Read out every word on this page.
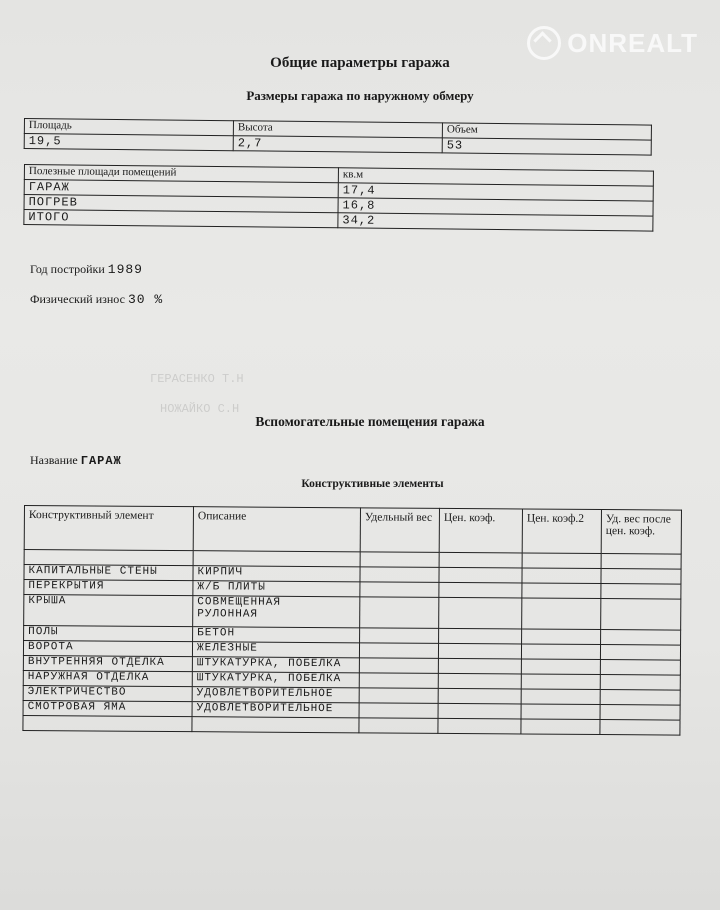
ONREALT
ГЕРАСЕНКО Т.Н
НОЖАЙКО С.Н
Общие параметры гаража
Размеры гаража по наружному обмеру
Площадь	Высота	Объем
19,5	2,7	53
Полезные площади помещений	кв.м
ГАРАЖ	17,4
ПОГРЕВ	16,8
ИТОГО	34,2
Год постройки 1989
Физический износ 30 %
Вспомогательные помещения гаража
Название ГАРАЖ
Конструктивные элементы
Конструктивный элемент	Описание	Удельный вес	Цен. коэф.	Цен. коэф.2	Уд. вес после цен. коэф.

КАПИТАЛЬНЫЕ СТЕНЫ	КИРПИЧ				
ПЕРЕКРЫТИЯ	Ж/Б ПЛИТЫ				
КРЫША	СОВМЕЩЕННАЯ
РУЛОННАЯ				

ПОЛЫ	БЕТОН				
ВОРОТА	ЖЕЛЕЗНЫЕ				
ВНУТРЕННЯЯ ОТДЕЛКА	ШТУКАТУРКА, ПОБЕЛКА				
НАРУЖНАЯ ОТДЕЛКА	ШТУКАТУРКА, ПОБЕЛКА				
ЭЛЕКТРИЧЕСТВО	УДОВЛЕТВОРИТЕЛЬНОЕ				
СМОТРОВАЯ ЯМА	УДОВЛЕТВОРИТЕЛЬНОЕ				
